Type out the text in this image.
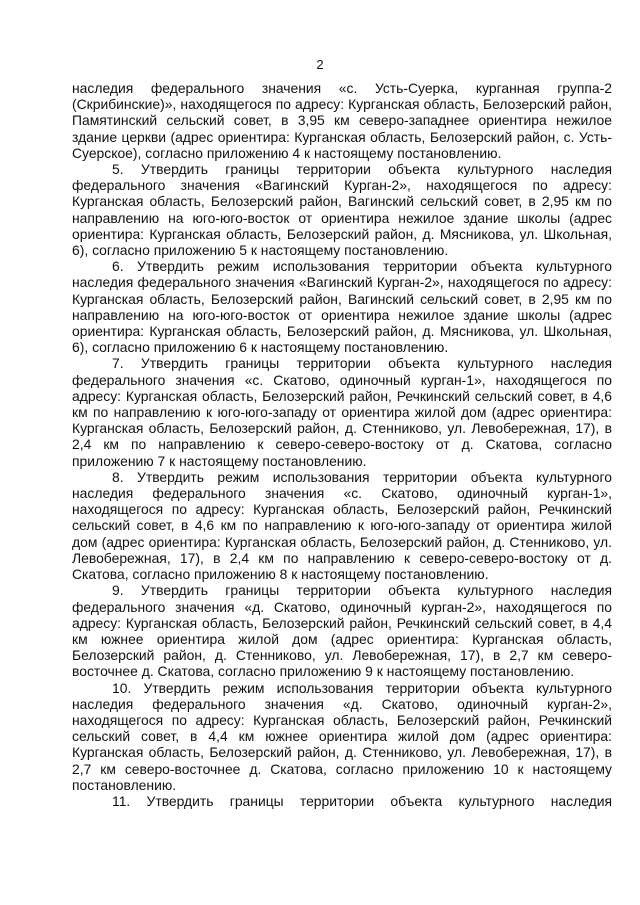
2

наследия федерального значения «с. Усть-Суерка, курганная группа-2 (Скрибинские)», находящегося по адресу: Курганская область, Белозерский район, Памятинский сельский совет, в 3,95 км северо-западнее ориентира нежилое здание церкви (адрес ориентира: Курганская область, Белозерский район, с. Усть-Суерское), согласно приложению 4 к настоящему постановлению.

5. Утвердить границы территории объекта культурного наследия федерального значения «Вагинский Курган-2», находящегося по адресу: Курганская область, Белозерский район, Вагинский сельский совет, в 2,95 км по направлению на юго-юго-восток от ориентира нежилое здание школы (адрес ориентира: Курганская область, Белозерский район, д. Мясникова, ул. Школьная, 6), согласно приложению 5 к настоящему постановлению.

6. Утвердить режим использования территории объекта культурного наследия федерального значения «Вагинский Курган-2», находящегося по адресу: Курганская область, Белозерский район, Вагинский сельский совет, в 2,95 км по направлению на юго-юго-восток от ориентира нежилое здание школы (адрес ориентира: Курганская область, Белозерский район, д. Мясникова, ул. Школьная, 6), согласно приложению 6 к настоящему постановлению.

7. Утвердить границы территории объекта культурного наследия федерального значения «с. Скатово, одиночный курган-1», находящегося по адресу: Курганская область, Белозерский район, Речкинский сельский совет, в 4,6 км по направлению к юго-юго-западу от ориентира жилой дом (адрес ориентира: Курганская область, Белозерский район, д. Стенниково, ул. Левобережная, 17), в 2,4 км по направлению к северо-северо-востоку от д. Скатова, согласно приложению 7 к настоящему постановлению.

8. Утвердить режим использования территории объекта культурного наследия федерального значения «с. Скатово, одиночный курган-1», находящегося по адресу: Курганская область, Белозерский район, Речкинский сельский совет, в 4,6 км по направлению к юго-юго-западу от ориентира жилой дом (адрес ориентира: Курганская область, Белозерский район, д. Стенниково, ул. Левобережная, 17), в 2,4 км по направлению к северо-северо-востоку от д. Скатова, согласно приложению 8 к настоящему постановлению.

9. Утвердить границы территории объекта культурного наследия федерального значения «д. Скатово, одиночный курган-2», находящегося по адресу: Курганская область, Белозерский район, Речкинский сельский совет, в 4,4 км южнее ориентира жилой дом (адрес ориентира: Курганская область, Белозерский район, д. Стенниково, ул. Левобережная, 17), в 2,7 км северо-восточнее д. Скатова, согласно приложению 9 к настоящему постановлению.

10. Утвердить режим использования территории объекта культурного наследия федерального значения «д. Скатово, одиночный курган-2», находящегося по адресу: Курганская область, Белозерский район, Речкинский сельский совет, в 4,4 км южнее ориентира жилой дом (адрес ориентира: Курганская область, Белозерский район, д. Стенниково, ул. Левобережная, 17), в 2,7 км северо-восточнее д. Скатова, согласно приложению 10 к настоящему постановлению.

11. Утвердить границы территории объекта культурного наследия
